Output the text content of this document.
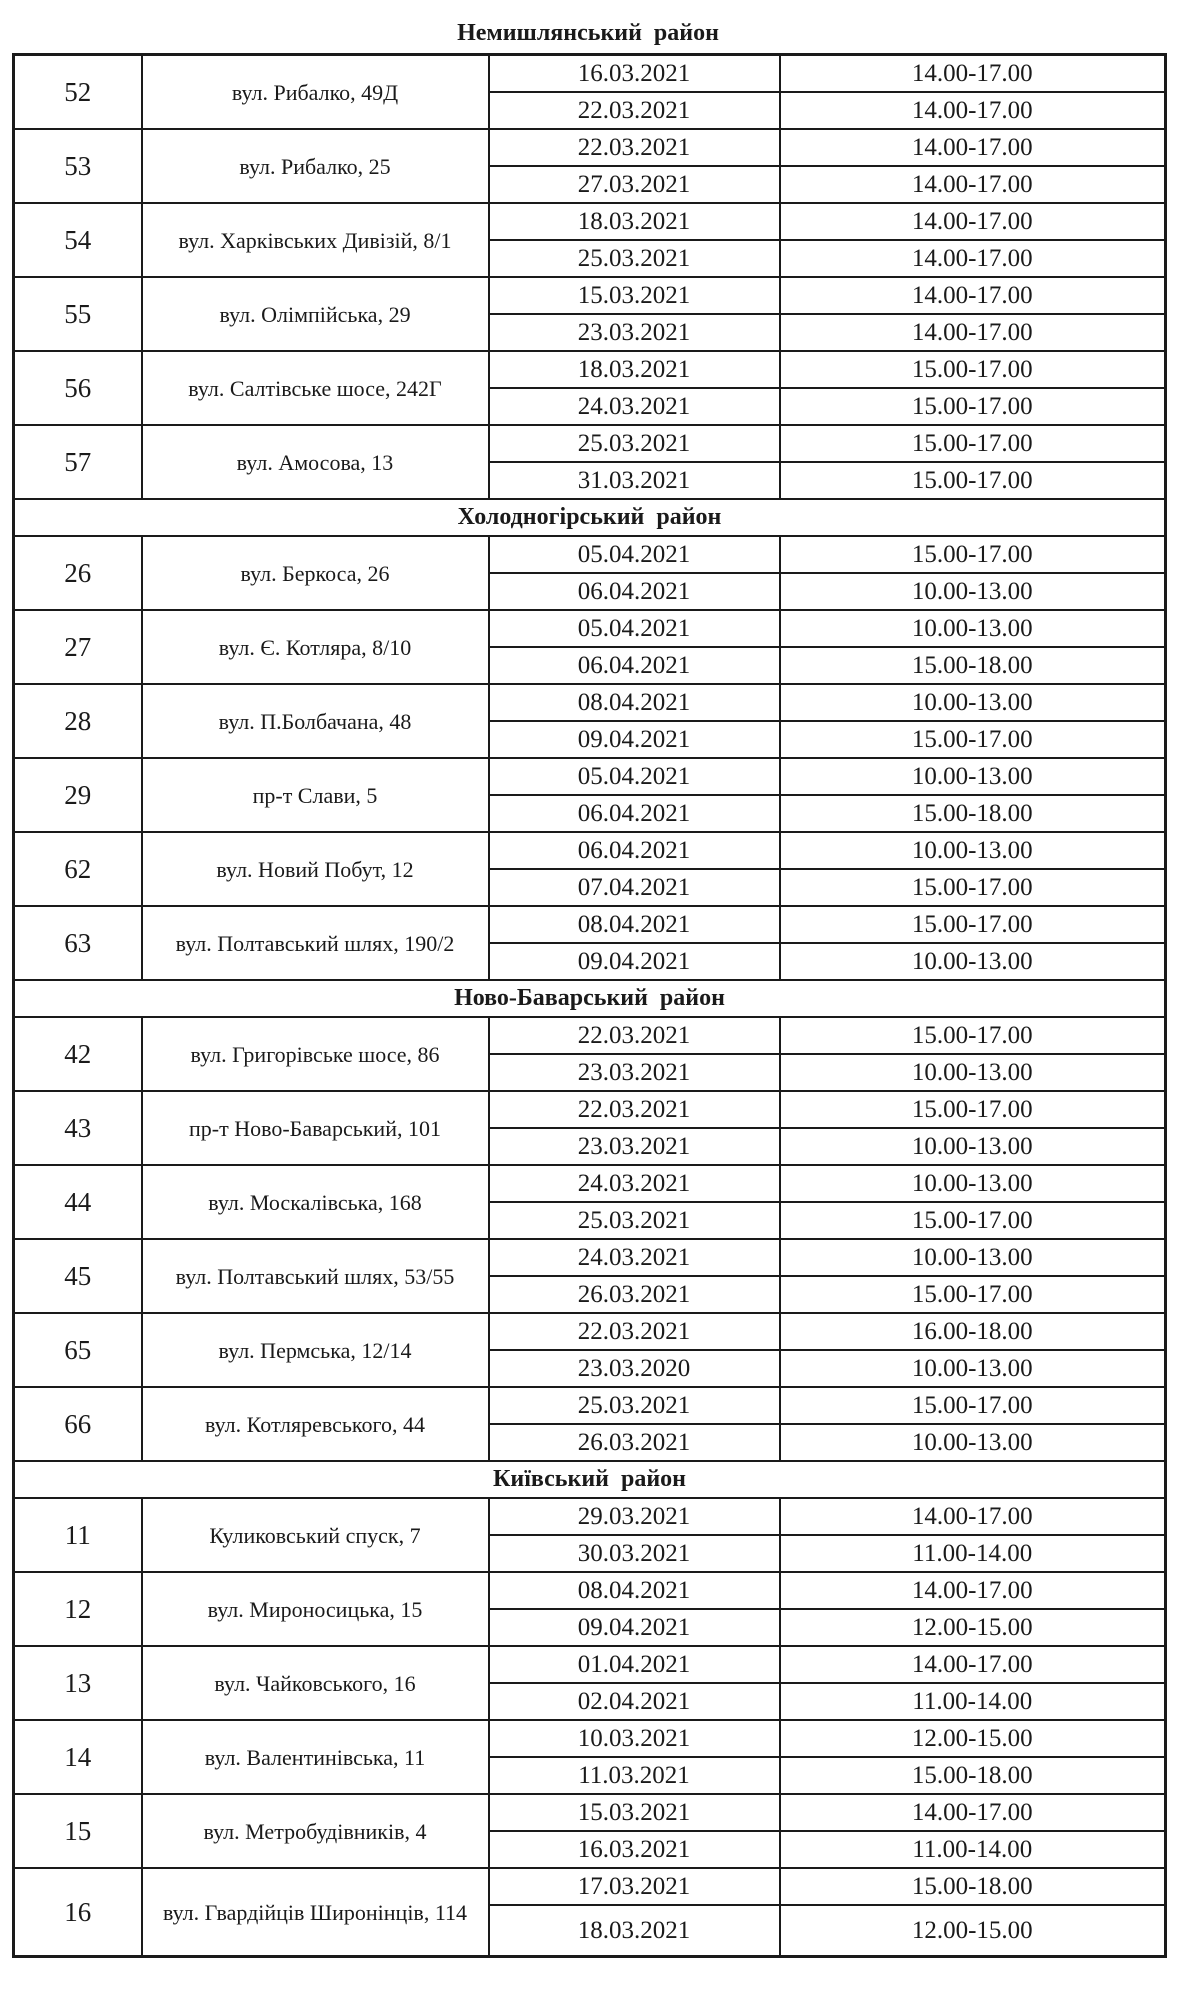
Немишлянський район
52	вул. Рибалко, 49Д	16.03.2021	14.00-17.00
		22.03.2021	14.00-17.00
53	вул. Рибалко, 25	22.03.2021	14.00-17.00
		27.03.2021	14.00-17.00
54	вул. Харківських Дивізій, 8/1	18.03.2021	14.00-17.00
		25.03.2021	14.00-17.00
55	вул. Олімпійська, 29	15.03.2021	14.00-17.00
		23.03.2021	14.00-17.00
56	вул. Салтівське шосе, 242Г	18.03.2021	15.00-17.00
		24.03.2021	15.00-17.00
57	вул. Амосова, 13	25.03.2021	15.00-17.00
		31.03.2021	15.00-17.00
Холодногірський район			
26	вул. Беркоса, 26	05.04.2021	15.00-17.00
		06.04.2021	10.00-13.00
27	вул. Є. Котляра, 8/10	05.04.2021	10.00-13.00
		06.04.2021	15.00-18.00
28	вул. П.Болбачана, 48	08.04.2021	10.00-13.00
		09.04.2021	15.00-17.00
29	пр-т Слави, 5	05.04.2021	10.00-13.00
		06.04.2021	15.00-18.00
62	вул. Новий Побут, 12	06.04.2021	10.00-13.00
		07.04.2021	15.00-17.00
63	вул. Полтавський шлях, 190/2	08.04.2021	15.00-17.00
		09.04.2021	10.00-13.00
Ново-Баварський район			
42	вул. Григорівське шосе, 86	22.03.2021	15.00-17.00
		23.03.2021	10.00-13.00
43	пр-т Ново-Баварський, 101	22.03.2021	15.00-17.00
		23.03.2021	10.00-13.00
44	вул. Москалівська, 168	24.03.2021	10.00-13.00
		25.03.2021	15.00-17.00
45	вул. Полтавський шлях, 53/55	24.03.2021	10.00-13.00
		26.03.2021	15.00-17.00
65	вул. Пермська, 12/14	22.03.2021	16.00-18.00
		23.03.2020	10.00-13.00
66	вул. Котляревського, 44	25.03.2021	15.00-17.00
		26.03.2021	10.00-13.00
Київський район			
11	Куликовський спуск, 7	29.03.2021	14.00-17.00
		30.03.2021	11.00-14.00
12	вул. Мироносицька, 15	08.04.2021	14.00-17.00
		09.04.2021	12.00-15.00
13	вул. Чайковського, 16	01.04.2021	14.00-17.00
		02.04.2021	11.00-14.00
14	вул. Валентинівська, 11	10.03.2021	12.00-15.00
		11.03.2021	15.00-18.00
15	вул. Метробудівників, 4	15.03.2021	14.00-17.00
		16.03.2021	11.00-14.00
16	вул. Гвардійців Широнінців, 114	17.03.2021	15.00-18.00
		18.03.2021	12.00-15.00
